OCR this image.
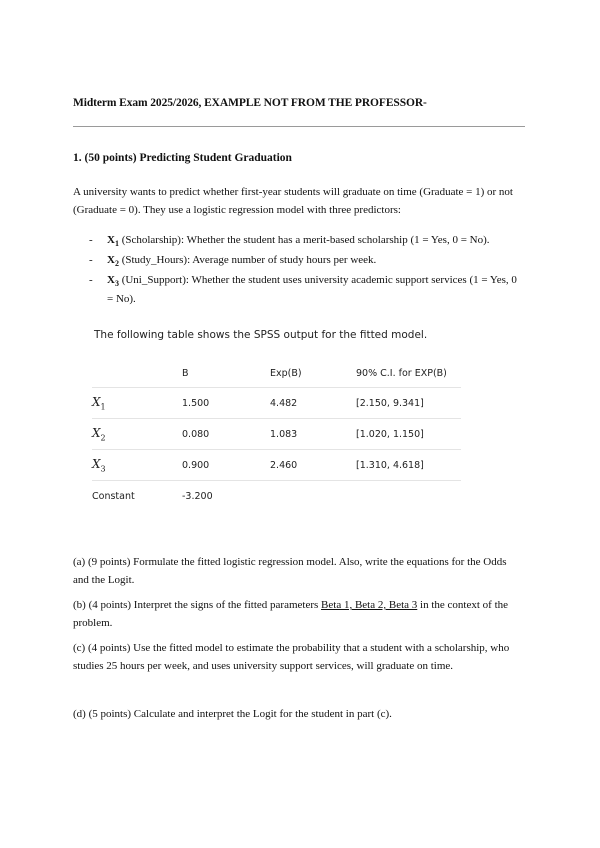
Midterm Exam 2025/2026, EXAMPLE NOT FROM THE PROFESSOR-
1. (50 points) Predicting Student Graduation
A university wants to predict whether first-year students will graduate on time (Graduate = 1) or not (Graduate = 0). They use a logistic regression model with three predictors:
- $X_1$ (Scholarship): Whether the student has a merit-based scholarship (1 = Yes, 0 = No).
- $X_2$ (Study_Hours): Average number of study hours per week.
- $X_3$ (Uni_Support): Whether the student uses university academic support services (1 = Yes, 0 = No).
The following table shows the SPSS output for the fitted model.
	B	Exp(B)	90% C.I. for EXP(B)
$X_1$	1.500	4.482	[2.150, 9.341]
$X_2$	0.080	1.083	[1.020, 1.150]
$X_3$	0.900	2.460	[1.310, 4.618]
Constant	-3.200		
(a) (9 points) Formulate the fitted logistic regression model. Also, write the equations for the Odds and the Logit.
(b) (4 points) Interpret the signs of the fitted parameters Beta 1, Beta 2, Beta 3 in the context of the problem.
(c) (4 points) Use the fitted model to estimate the probability that a student with a scholarship, who studies 25 hours per week, and uses university support services, will graduate on time.
(d) (5 points) Calculate and interpret the Logit for the student in part (c).
